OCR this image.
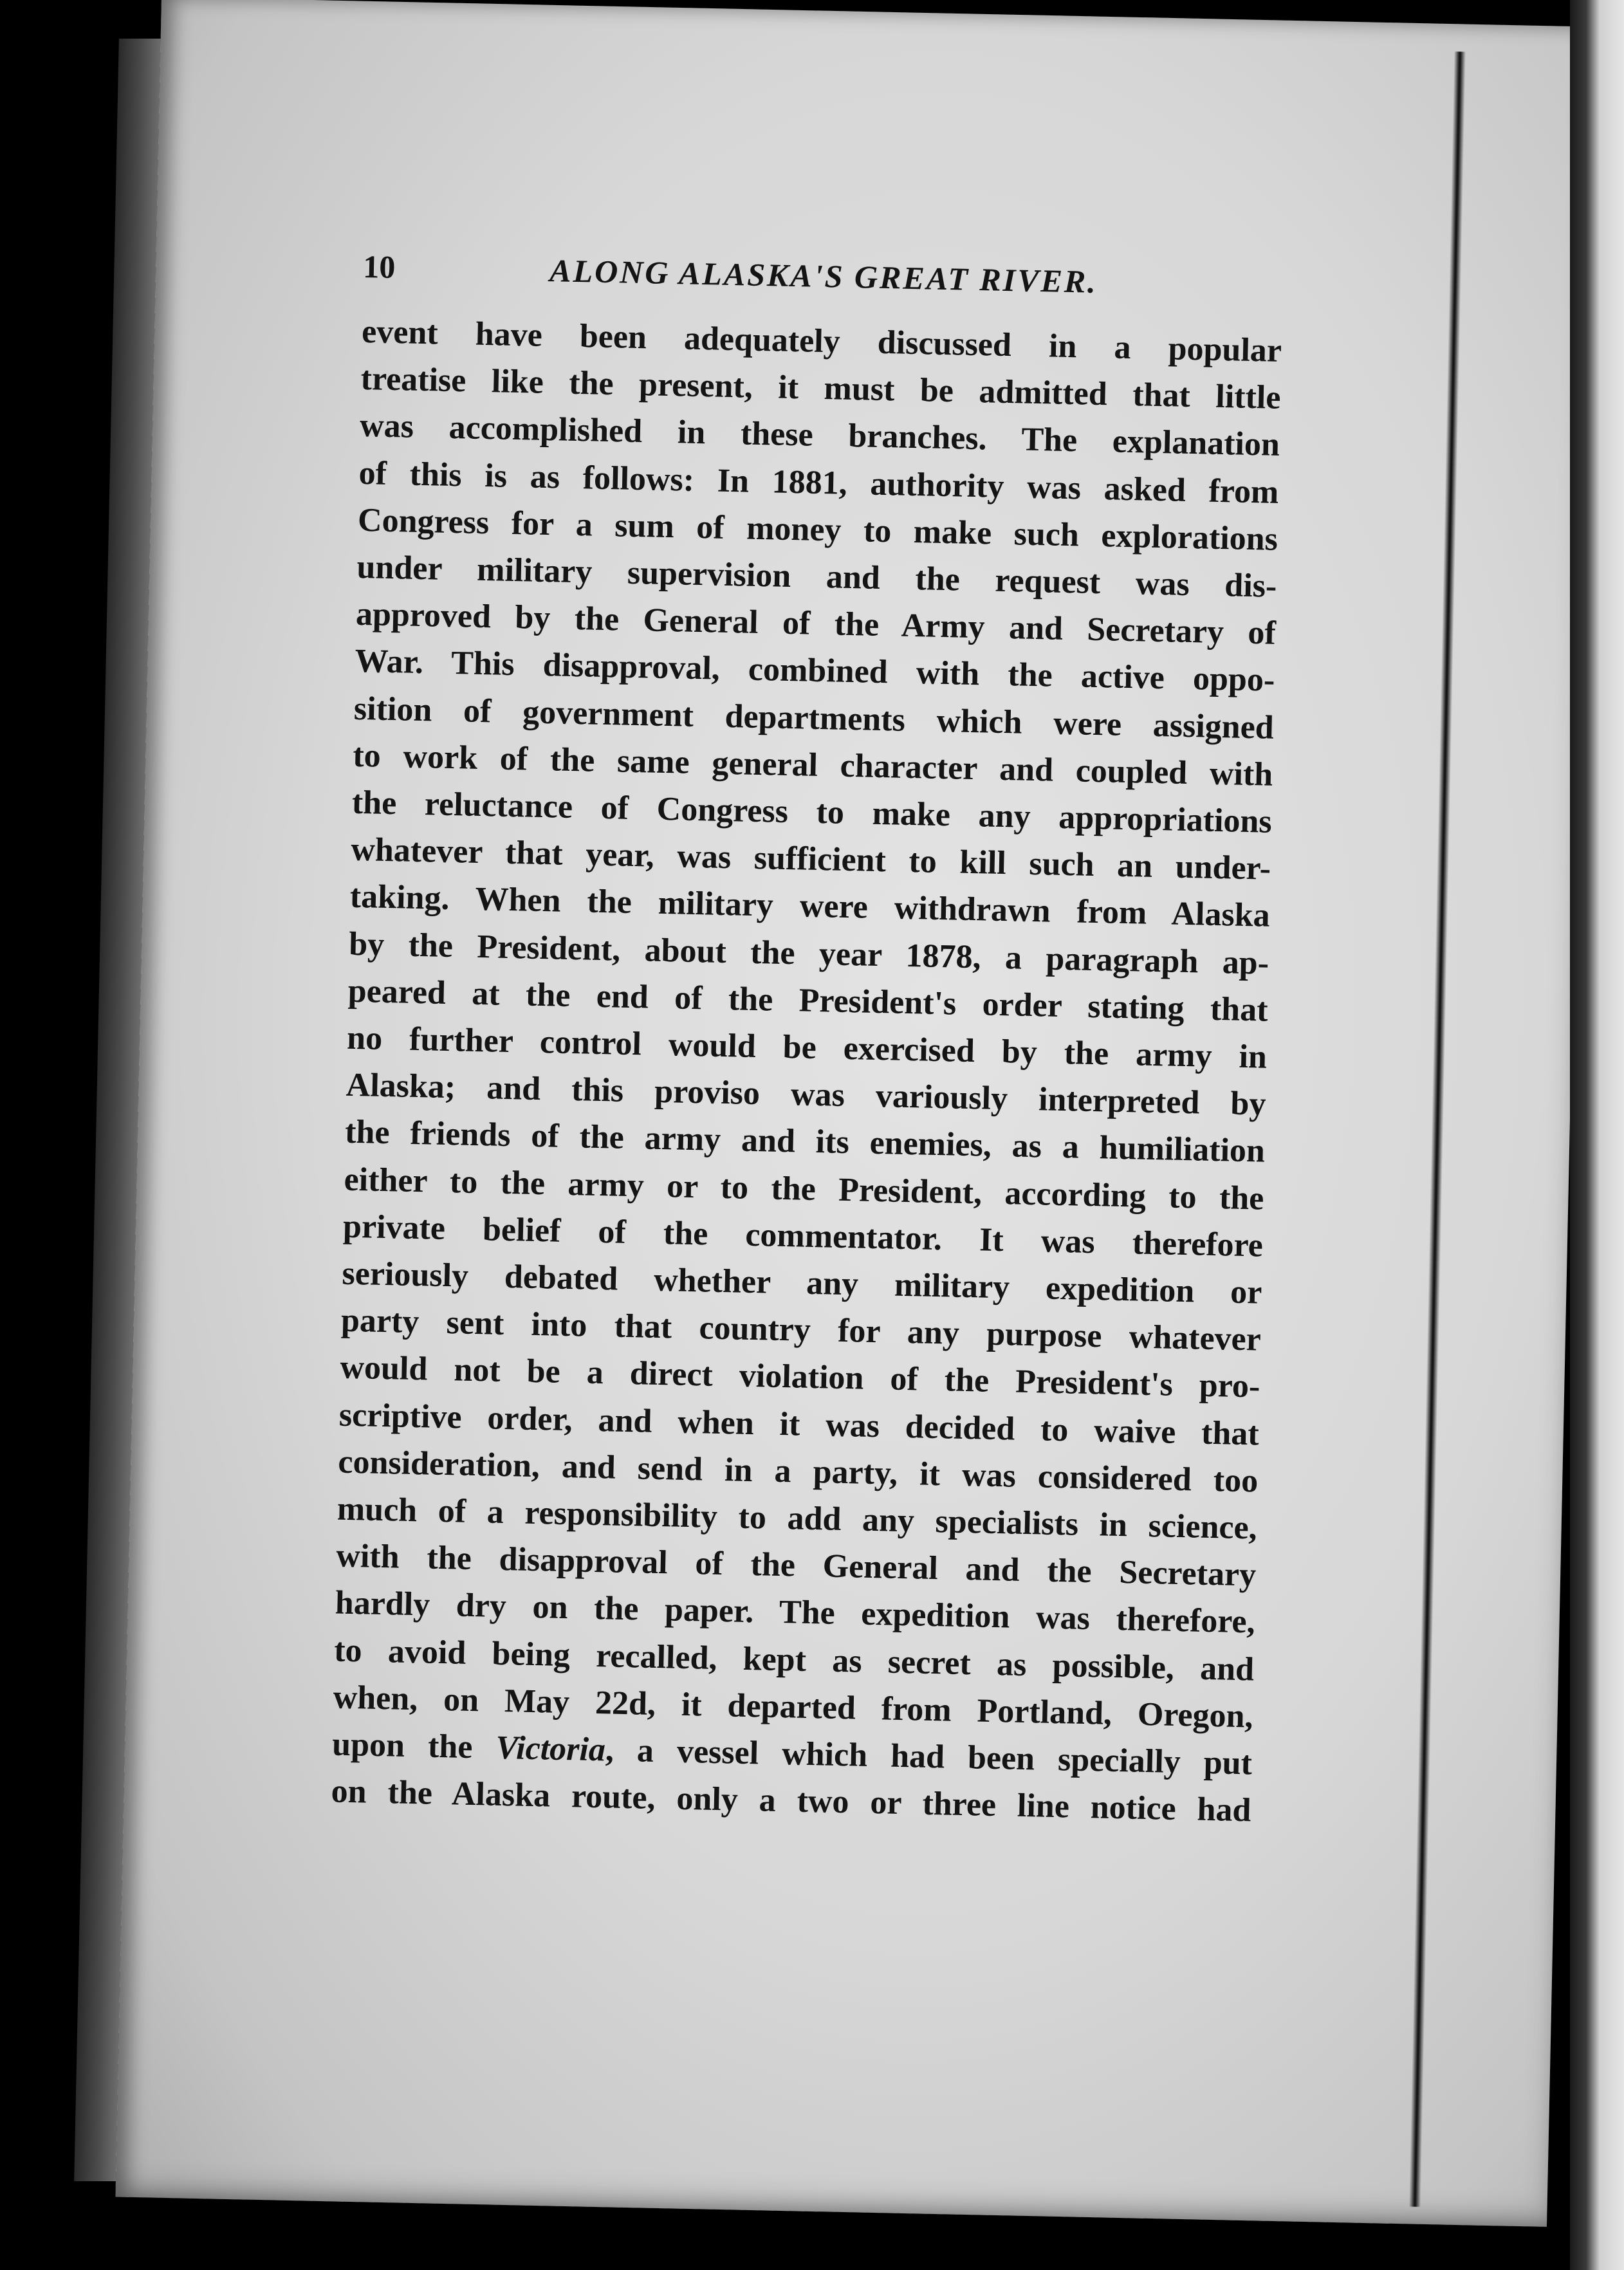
10	ALONG ALASKA'S GREAT RIVER.

event have been adequately discussed in a popular

treatise like the present, it must be admitted that little

was accomplished in these branches. The explanation

of this is as follows: In 1881, authority was asked from

Congress for a sum of money to make such explorations

under military supervision and the request was dis-

approved by the General of the Army and Secretary of

War. This disapproval, combined with the active oppo-

sition of government departments which were assigned

to work of the same general character and coupled with

the reluctance of Congress to make any appropriations

whatever that year, was sufficient to kill such an under-

taking. When the military were withdrawn from Alaska

by the President, about the year 1878, a paragraph ap-

peared at the end of the President's order stating that

no further control would be exercised by the army in

Alaska; and this proviso was variously interpreted by

the friends of the army and its enemies, as a humiliation

either to the army or to the President, according to the

private belief of the commentator. It was therefore

seriously debated whether any military expedition or

party sent into that country for any purpose whatever

would not be a direct violation of the President's pro-

scriptive order, and when it was decided to waive that

consideration, and send in a party, it was considered too

much of a responsibility to add any specialists in science,

with the disapproval of the General and the Secretary

hardly dry on the paper. The expedition was therefore,

to avoid being recalled, kept as secret as possible, and

when, on May 22d, it departed from Portland, Oregon,

upon the Victoria, a vessel which had been specially put

on the Alaska route, only a two or three line notice had
